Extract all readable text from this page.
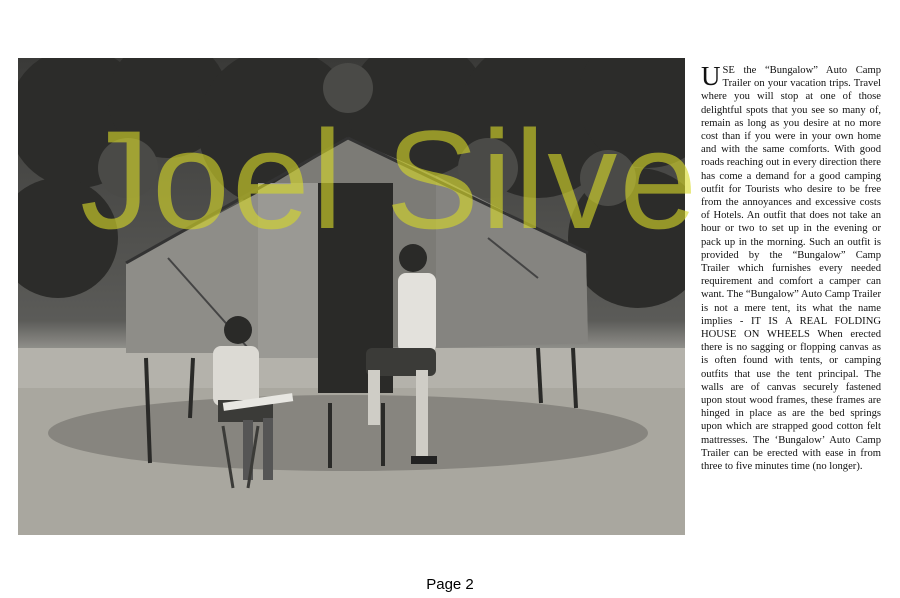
Joel Silve
USE the “Bungalow” Auto Camp Trailer on your vacation trips. Travel where you will stop at one of those delightful spots that you see so many of, remain as long as you desire at no more cost than if you were in your own home and with the same comforts. With good roads reaching out in every direction there has come a demand for a good camping outfit for Tourists who desire to be free from the annoyances and excessive costs of Hotels. An outfit that does not take an hour or two to set up in the evening or pack up in the morning. Such an outfit is provided by the “Bungalow” Camp Trailer which furnishes every needed requirement and comfort a camper can want. The “Bungalow” Auto Camp Trailer is not a mere tent, its what the name implies - IT IS A REAL FOLDING HOUSE ON WHEELS When erected there is no sagging or flopping canvas as is often found with tents, or camping outfits that use the tent principal. The walls are of canvas securely fastened upon stout wood frames, these frames are hinged in place as are the bed springs upon which are strapped good cotton felt mattresses. The ‘Bungalow’ Auto Camp Trailer can be erected with ease in from three to five minutes time (no longer).
Page 2
